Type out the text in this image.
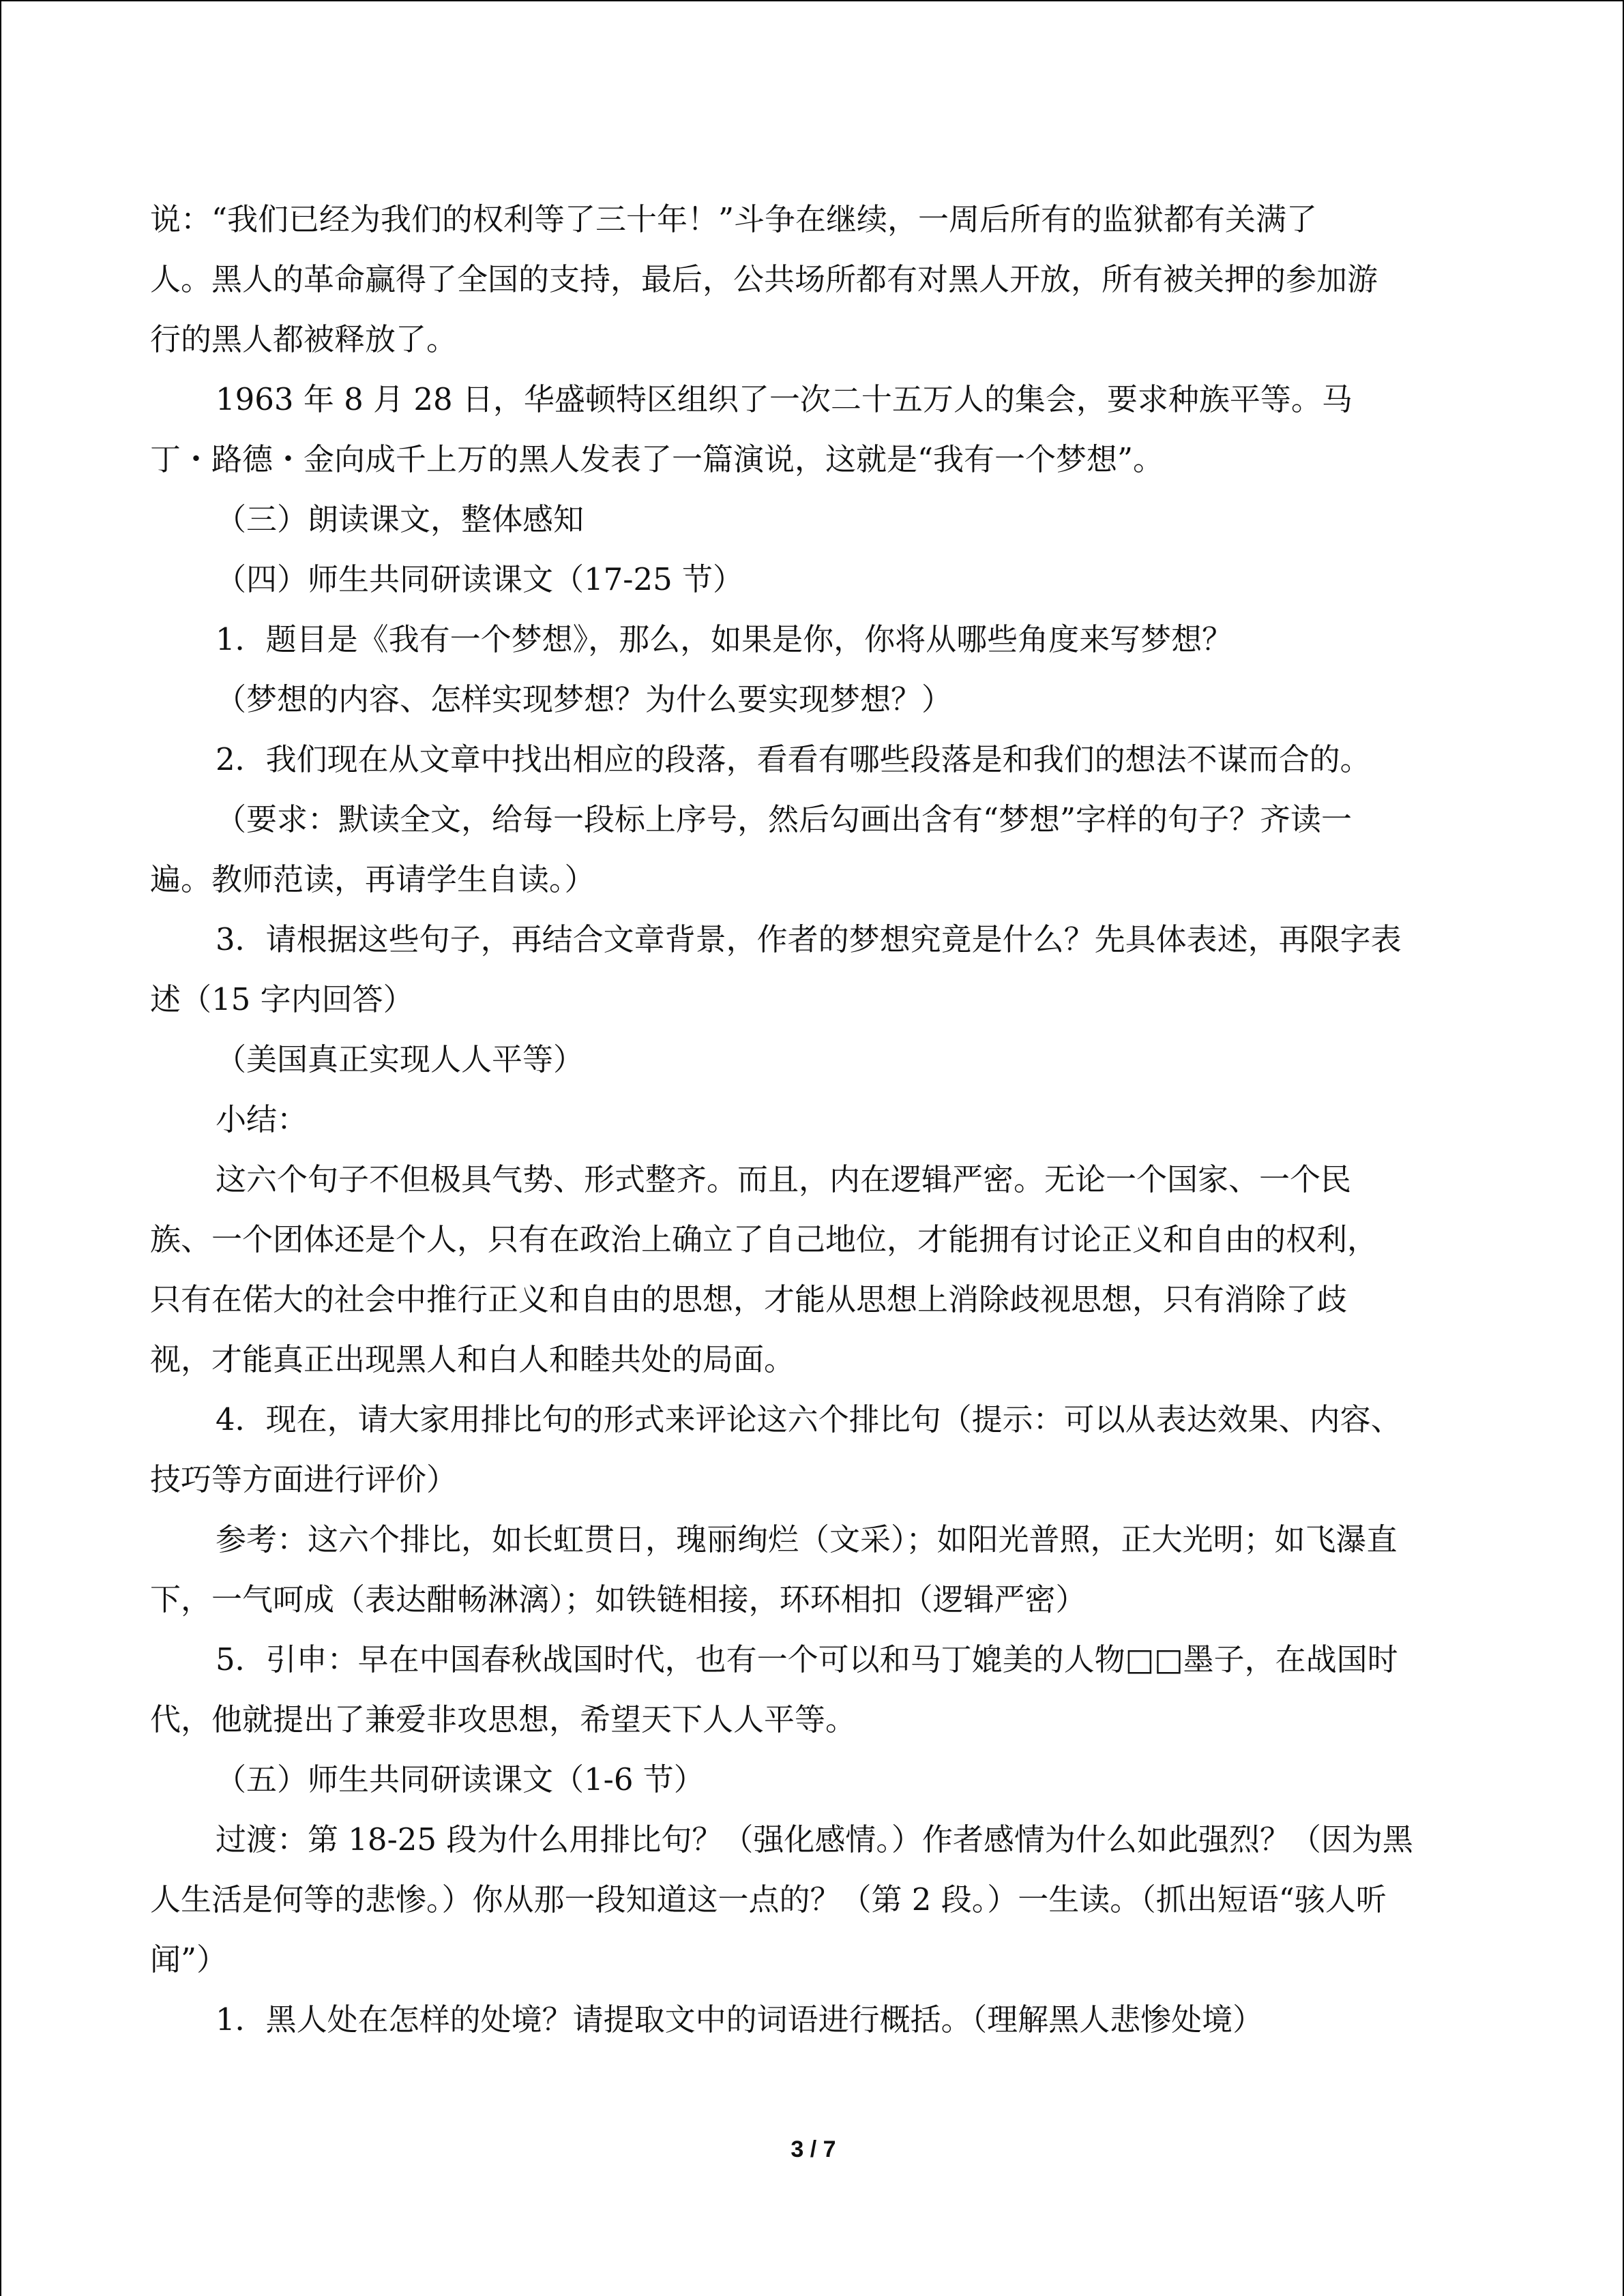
说：“我们已经为我们的权利等了三十年！”斗争在继续，一周后所有的监狱都有关满了
人。黑人的革命赢得了全国的支持，最后，公共场所都有对黑人开放，所有被关押的参加游
行的黑人都被释放了。
1963 年 8 月 28 日，华盛顿特区组织了一次二十五万人的集会，要求种族平等。马
丁・路德・金向成千上万的黑人发表了一篇演说，这就是“我有一个梦想”。
（三）朗读课文，整体感知
（四）师生共同研读课文（17-25 节）
1．题目是《我有一个梦想》，那么，如果是你，你将从哪些角度来写梦想？
（梦想的内容、怎样实现梦想？为什么要实现梦想？）
2．我们现在从文章中找出相应的段落，看看有哪些段落是和我们的想法不谋而合的。
（要求：默读全文，给每一段标上序号，然后勾画出含有“梦想”字样的句子？齐读一
遍。教师范读，再请学生自读。）
3．请根据这些句子，再结合文章背景，作者的梦想究竟是什么？先具体表述，再限字表
述（15 字内回答）
（美国真正实现人人平等）
小结：
这六个句子不但极具气势、形式整齐。而且，内在逻辑严密。无论一个国家、一个民
族、一个团体还是个人，只有在政治上确立了自己地位，才能拥有讨论正义和自由的权利，
只有在偌大的社会中推行正义和自由的思想，才能从思想上消除歧视思想，只有消除了歧
视，才能真正出现黑人和白人和睦共处的局面。
4．现在，请大家用排比句的形式来评论这六个排比句（提示：可以从表达效果、内容、
技巧等方面进行评价）
参考：这六个排比，如长虹贯日，瑰丽绚烂（文采）；如阳光普照，正大光明；如飞瀑直
下，一气呵成（表达酣畅淋漓）；如铁链相接，环环相扣（逻辑严密）
5．引申：早在中国春秋战国时代，也有一个可以和马丁媲美的人物□□墨子，在战国时
代，他就提出了兼爱非攻思想，希望天下人人平等。
（五）师生共同研读课文（1-6 节）
过渡：第 18-25 段为什么用排比句？（强化感情。）作者感情为什么如此强烈？（因为黑
人生活是何等的悲惨。）你从那一段知道这一点的？（第 2 段。）一生读。（抓出短语“骇人听
闻”）
1．黑人处在怎样的处境？请提取文中的词语进行概括。（理解黑人悲惨处境）
3 / 7
